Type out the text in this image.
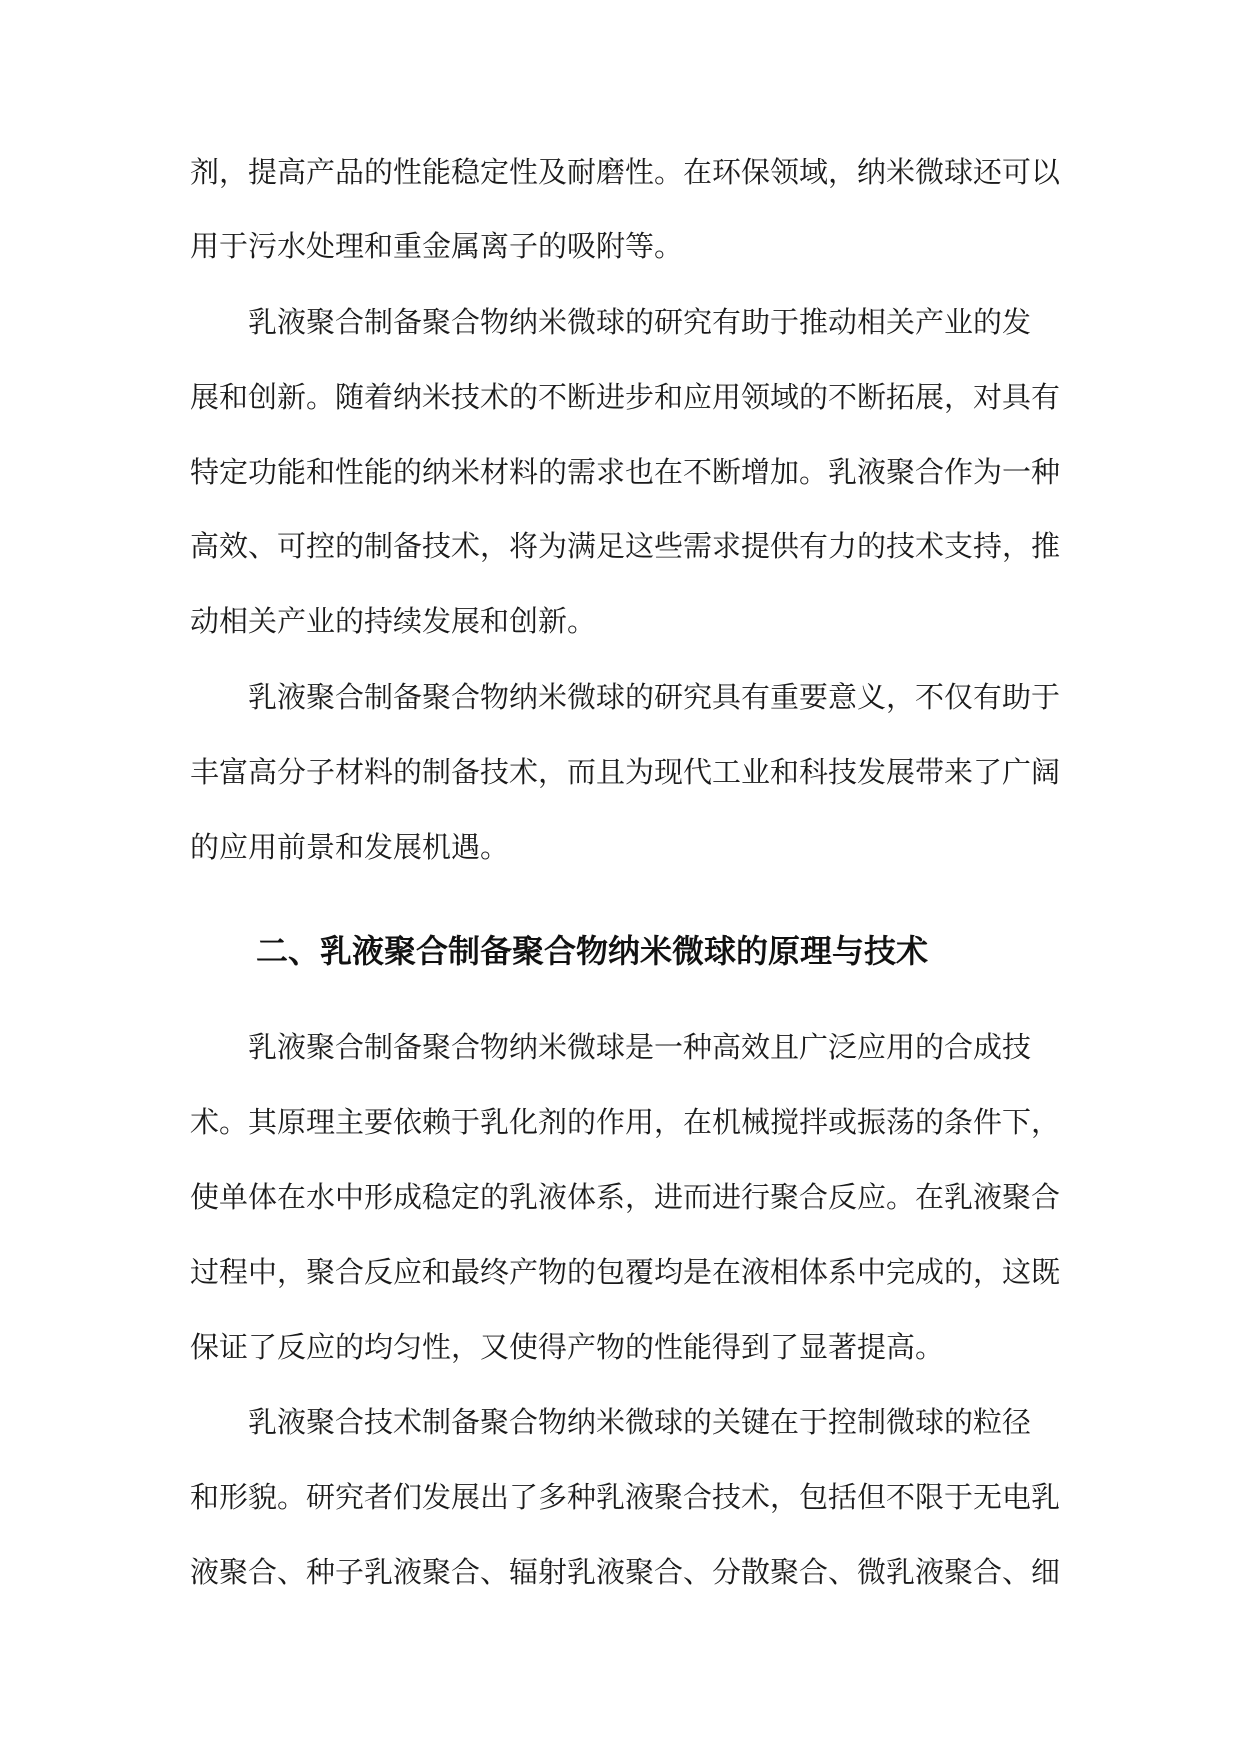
剂，提高产品的性能稳定性及耐磨性。在环保领域，纳米微球还可以
用于污水处理和重金属离子的吸附等。
乳液聚合制备聚合物纳米微球的研究有助于推动相关产业的发
展和创新。随着纳米技术的不断进步和应用领域的不断拓展，对具有
特定功能和性能的纳米材料的需求也在不断增加。乳液聚合作为一种
高效、可控的制备技术，将为满足这些需求提供有力的技术支持，推
动相关产业的持续发展和创新。
乳液聚合制备聚合物纳米微球的研究具有重要意义，不仅有助于
丰富高分子材料的制备技术，而且为现代工业和科技发展带来了广阔
的应用前景和发展机遇。
二、乳液聚合制备聚合物纳米微球的原理与技术
乳液聚合制备聚合物纳米微球是一种高效且广泛应用的合成技
术。其原理主要依赖于乳化剂的作用，在机械搅拌或振荡的条件下，
使单体在水中形成稳定的乳液体系，进而进行聚合反应。在乳液聚合
过程中，聚合反应和最终产物的包覆均是在液相体系中完成的，这既
保证了反应的均匀性，又使得产物的性能得到了显著提高。
乳液聚合技术制备聚合物纳米微球的关键在于控制微球的粒径
和形貌。研究者们发展出了多种乳液聚合技术，包括但不限于无电乳
液聚合、种子乳液聚合、辐射乳液聚合、分散聚合、微乳液聚合、细
